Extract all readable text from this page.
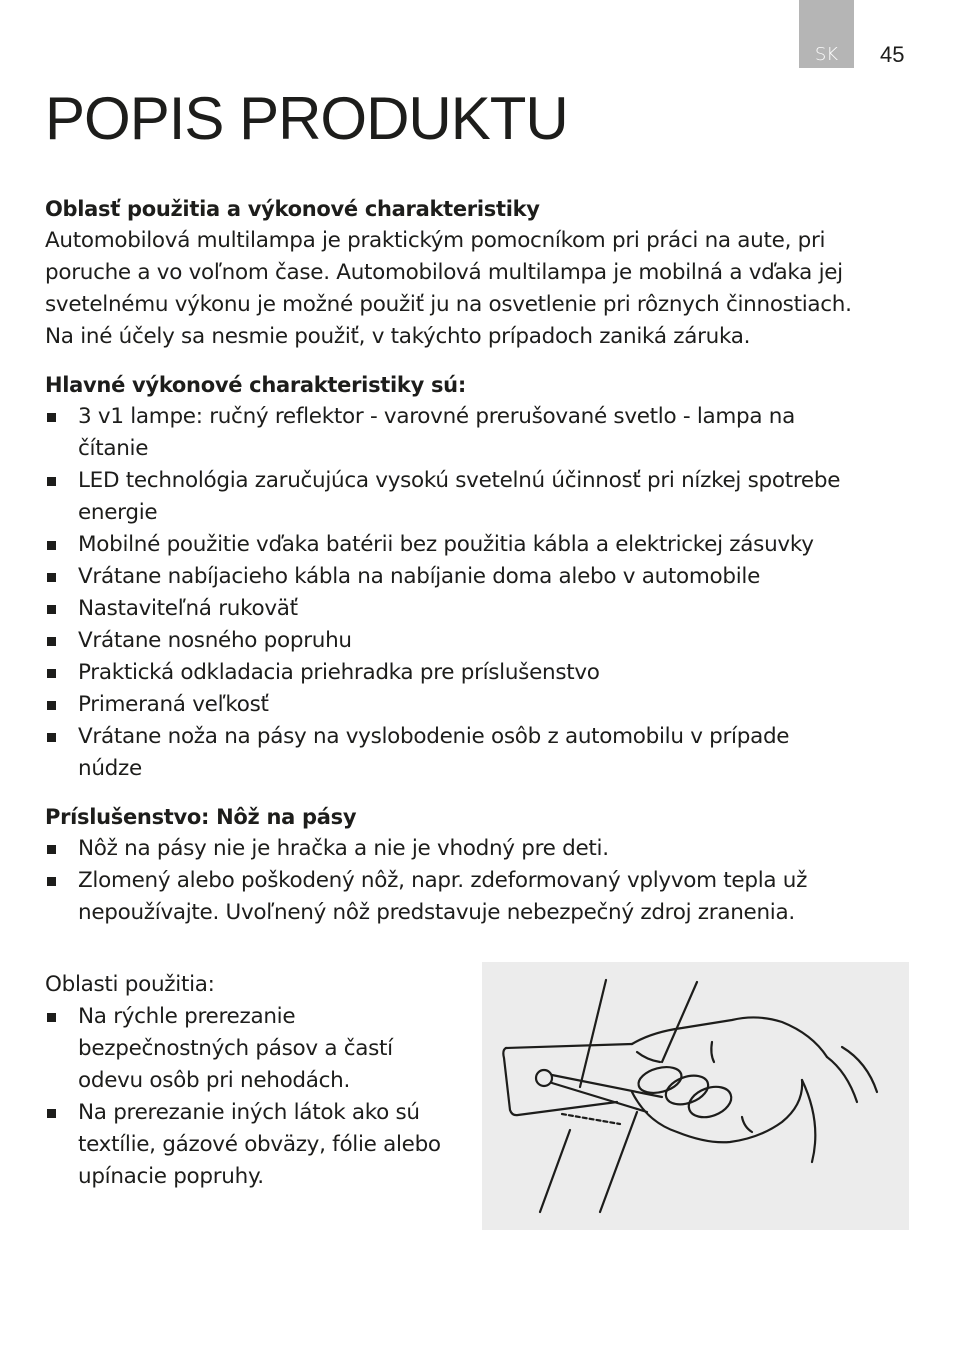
SK 45
POPIS PRODUKTU

Oblasť použitia a výkonové charakteristiky

Automobilová multilampa je praktickým pomocníkom pri práci na aute, pri
poruche a vo voľnom čase. Automobilová multilampa je mobilná a vďaka jej
svetelnému výkonu je možné použiť ju na osvetlenie pri rôznych činnostiach.
Na iné účely sa nesmie použiť, v takýchto prípadoch zaniká záruka.

Hlavné výkonové charakteristiky sú:

3 v1 lampe: ručný reflektor - varovné prerušované svetlo - lampa na
čítanie
LED technológia zaručujúca vysokú svetelnú účinnosť pri nízkej spotrebe
energie
Mobilné použitie vďaka batérii bez použitia kábla a elektrickej zásuvky
Vrátane nabíjacieho kábla na nabíjanie doma alebo v automobile
Nastaviteľná rukoväť
Vrátane nosného popruhu
Praktická odkladacia priehradka pre príslušenstvo
Primeraná veľkosť
Vrátane noža na pásy na vyslobodenie osôb z automobilu v prípade
núdze

Príslušenstvo: Nôž na pásy

Nôž na pásy nie je hračka a nie je vhodný pre deti.
Zlomený alebo poškodený nôž, napr. zdeformovaný vplyvom tepla už
nepoužívajte. Uvoľnený nôž predstavuje nebezpečný zdroj zranenia.

Oblasti použitia:

Na rýchle prerezanie
bezpečnostných pásov a častí
odevu osôb pri nehodách.
Na prerezanie iných látok ako sú
textílie, gázové obväzy, fólie alebo
upínacie popruhy.
